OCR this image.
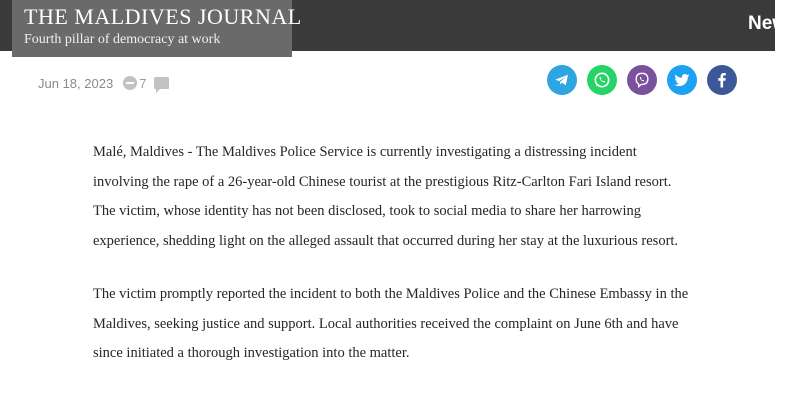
New
THE MALDIVES JOURNAL
Fourth pillar of democracy at work
Jun 18, 2023 7

Malé, Maldives - The Maldives Police Service is currently investigating a distressing incident involving the rape of a 26-year-old Chinese tourist at the prestigious Ritz-Carlton Fari Island resort. The victim, whose identity has not been disclosed, took to social media to share her harrowing experience, shedding light on the alleged assault that occurred during her stay at the luxurious resort.

The victim promptly reported the incident to both the Maldives Police and the Chinese Embassy in the Maldives, seeking justice and support. Local authorities received the complaint on June 6th and have since initiated a thorough investigation into the matter.
